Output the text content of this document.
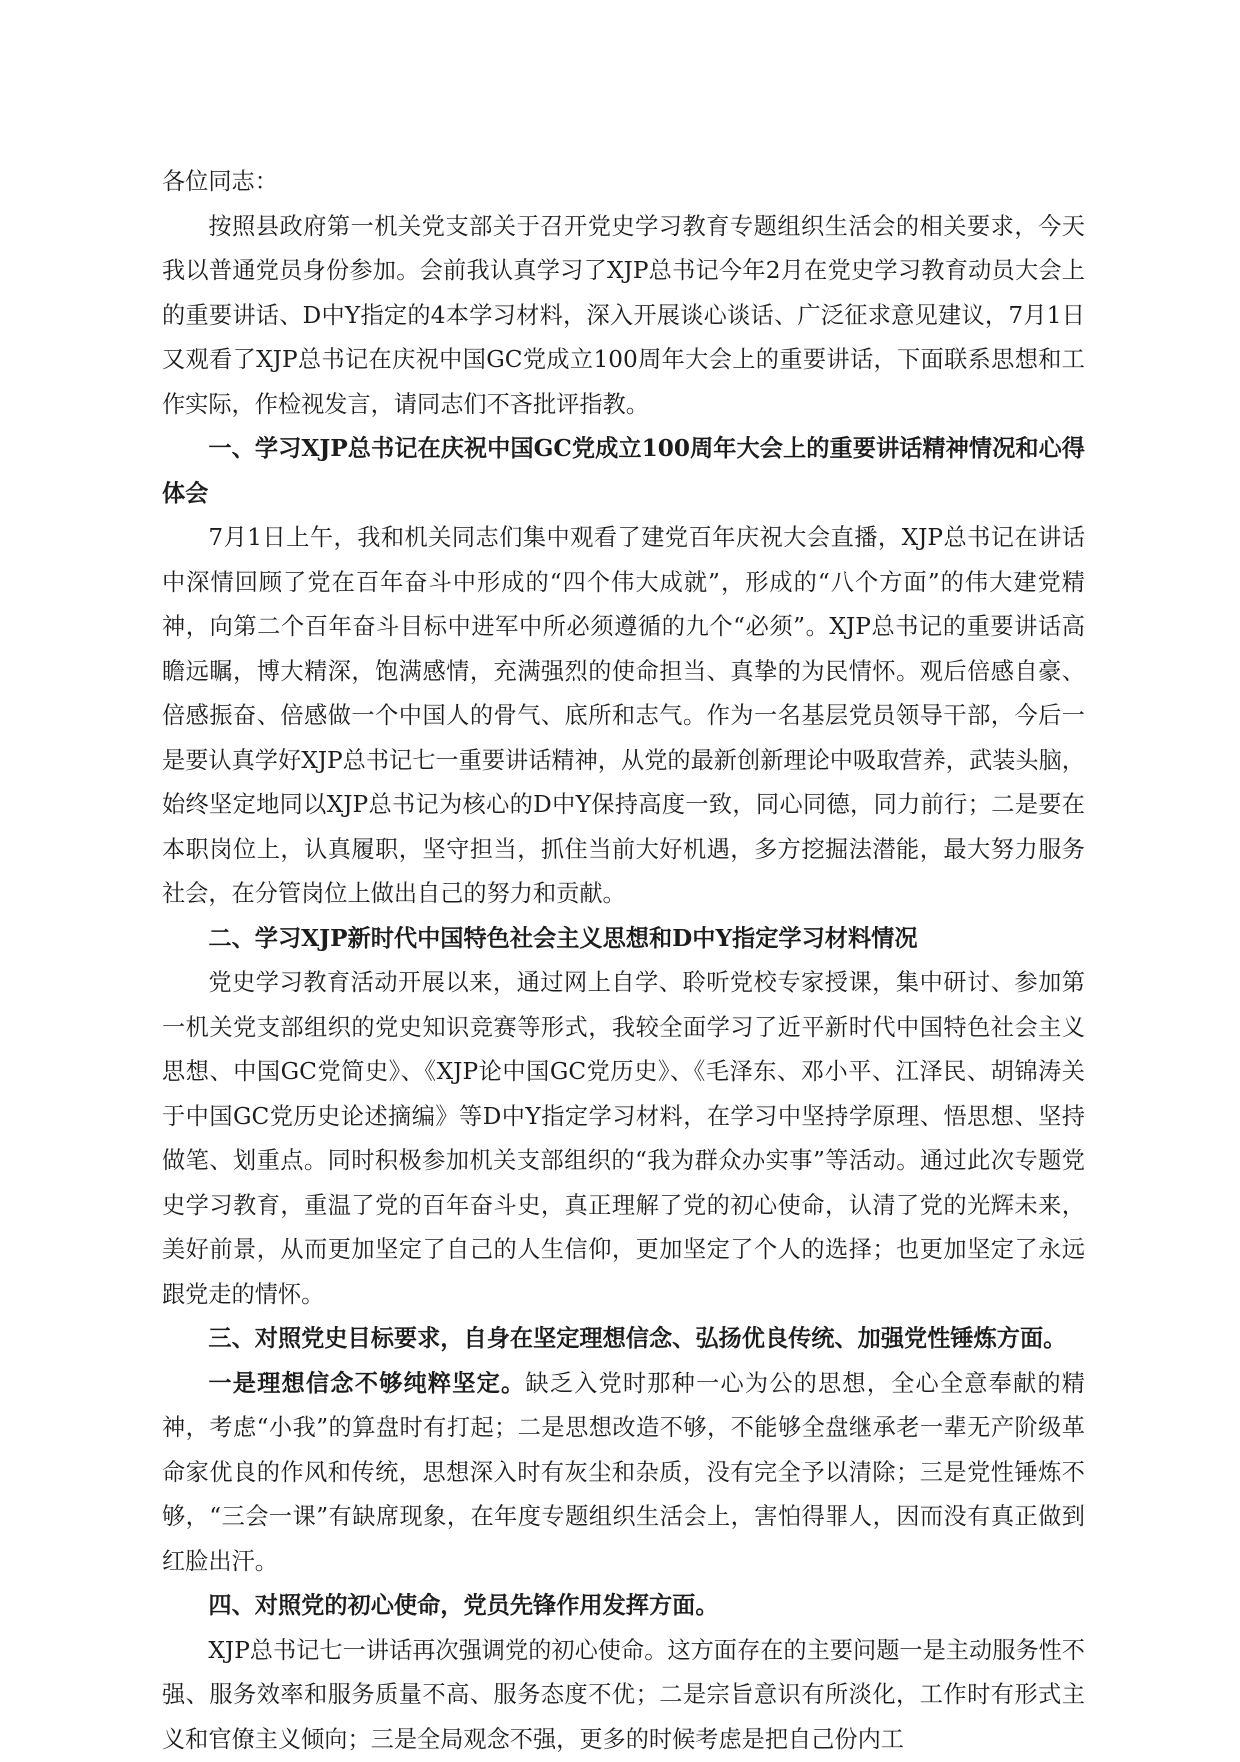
各位同志：

按照县政府第一机关党支部关于召开党史学习教育专题组织生活会的相关要求，今天我以普通党员身份参加。会前我认真学习了XJP总书记今年2月在党史学习教育动员大会上的重要讲话、D中Y指定的4本学习材料，深入开展谈心谈话、广泛征求意见建议，7月1日又观看了XJP总书记在庆祝中国GC党成立100周年大会上的重要讲话，下面联系思想和工作实际，作检视发言，请同志们不吝批评指教。

一、学习XJP总书记在庆祝中国GC党成立100周年大会上的重要讲话精神情况和心得体会

7月1日上午，我和机关同志们集中观看了建党百年庆祝大会直播，XJP总书记在讲话中深情回顾了党在百年奋斗中形成的“四个伟大成就”，形成的“八个方面”的伟大建党精神，向第二个百年奋斗目标中进军中所必须遵循的九个“必须”。XJP总书记的重要讲话高瞻远瞩，博大精深，饱满感情，充满强烈的使命担当、真挚的为民情怀。观后倍感自豪、倍感振奋、倍感做一个中国人的骨气、底所和志气。作为一名基层党员领导干部，今后一是要认真学好XJP总书记七一重要讲话精神，从党的最新创新理论中吸取营养，武装头脑，始终坚定地同以XJP总书记为核心的D中Y保持高度一致，同心同德，同力前行；二是要在本职岗位上，认真履职，坚守担当，抓住当前大好机遇，多方挖掘法潜能，最大努力服务社会，在分管岗位上做出自己的努力和贡献。

二、学习XJP新时代中国特色社会主义思想和D中Y指定学习材料情况

党史学习教育活动开展以来，通过网上自学、聆听党校专家授课，集中研讨、参加第一机关党支部组织的党史知识竞赛等形式，我较全面学习了近平新时代中国特色社会主义思想、中国GC党简史》、《XJP论中国GC党历史》、《毛泽东、邓小平、江泽民、胡锦涛关于中国GC党历史论述摘编》等D中Y指定学习材料，在学习中坚持学原理、悟思想、坚持做笔、划重点。同时积极参加机关支部组织的“我为群众办实事”等活动。通过此次专题党史学习教育，重温了党的百年奋斗史，真正理解了党的初心使命，认清了党的光辉未来，美好前景，从而更加坚定了自己的人生信仰，更加坚定了个人的选择；也更加坚定了永远跟党走的情怀。

三、对照党史目标要求，自身在坚定理想信念、弘扬优良传统、加强党性锤炼方面。

一是理想信念不够纯粹坚定。缺乏入党时那种一心为公的思想，全心全意奉献的精神，考虑“小我”的算盘时有打起；二是思想改造不够，不能够全盘继承老一辈无产阶级革命家优良的作风和传统，思想深入时有灰尘和杂质，没有完全予以清除；三是党性锤炼不够，“三会一课”有缺席现象，在年度专题组织生活会上，害怕得罪人，因而没有真正做到红脸出汗。

四、对照党的初心使命，党员先锋作用发挥方面。

XJP总书记七一讲话再次强调党的初心使命。这方面存在的主要问题一是主动服务性不强、服务效率和服务质量不高、服务态度不优；二是宗旨意识有所淡化，工作时有形式主义和官僚主义倾向；三是全局观念不强，更多的时候考虑是把自己份内工
